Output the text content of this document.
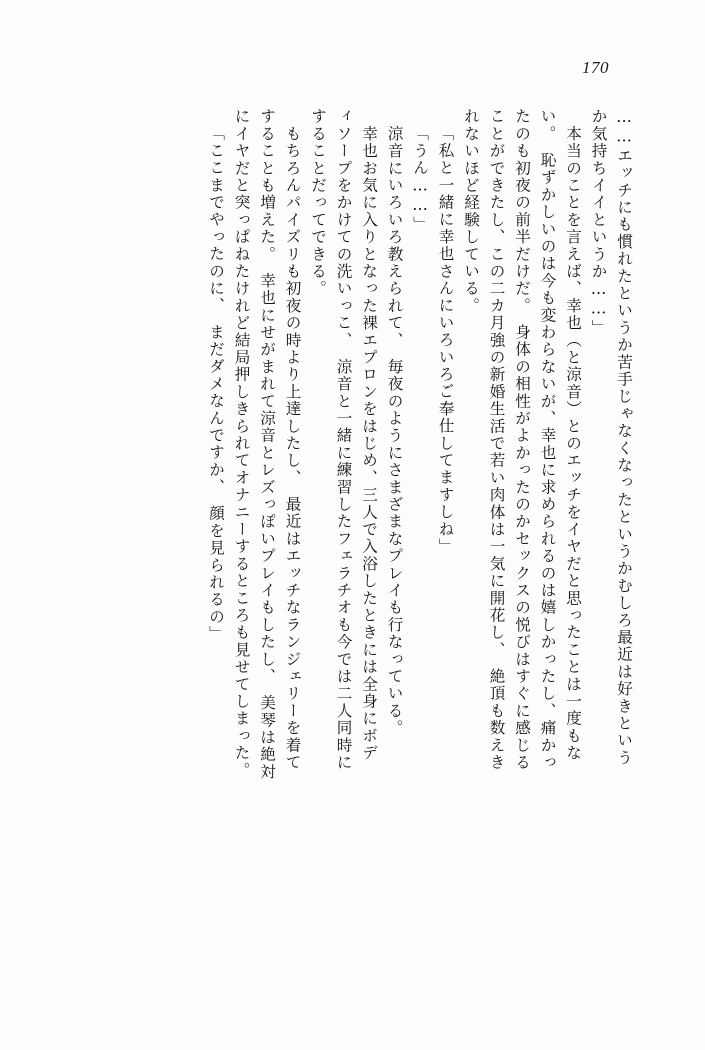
170
……エッチにも慣れたというか苦手じゃなくなったというかむしろ最近は好きという
か気持ちイイというか……」
　本当のことを言えば、幸也（と涼音）とのエッチをイヤだと思ったことは一度もな
い。　恥ずかしいのは今も変わらないが、幸也に求められるのは嬉しかったし、痛かっ
たのも初夜の前半だけだ。　身体の相性がよかったのかセックスの悦びはすぐに感じる
ことができたし、この二カ月強の新婚生活で若い肉体は一気に開花し、　絶頂も数えき
れないほど経験している。
「私と一緒に幸也さんにいろいろご奉仕してますしね」
「うん……」
　涼音にいろいろ教えられて、　毎夜のようにさまざまなプレイも行なっている。
　幸也お気に入りとなった裸エプロンをはじめ、三人で入浴したときには全身にボデ
ィソープをかけての洗いっこ、　涼音と一緒に練習したフェラチオも今では二人同時に
することだってできる。
　もちろんパイズリも初夜の時より上達したし、　最近はエッチなランジェリーを着て
することも増えた。　幸也にせがまれて涼音とレズっぽいプレイもしたし、　美琴は絶対
にイヤだと突っぱねたけれど結局押しきられてオナニーするところも見せてしまった。
「ここまでやったのに、　まだダメなんですか、　顔を見られるの」
